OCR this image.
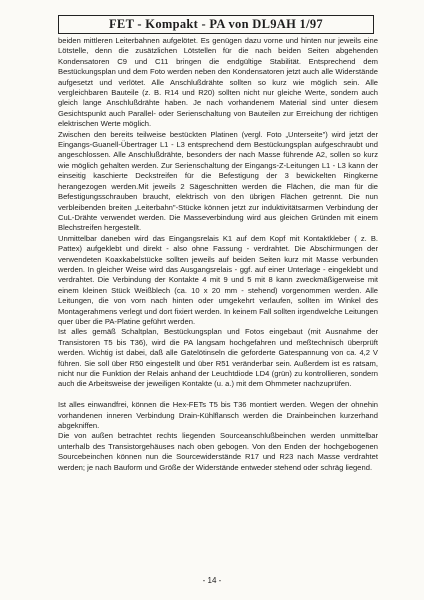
FET - Kompakt - PA von DL9AH 1/97

beiden mittleren Leiterbahnen aufgelötet. Es genügen dazu vorne und hinten nur jeweils eine Lötstelle, denn die zusätzlichen Lötstellen für die nach beiden Seiten abgehenden Kondensatoren C9 und C11 bringen die endgültige Stabilität. Entsprechend dem Bestückungsplan und dem Foto werden neben den Kondensatoren jetzt auch alle Widerstände aufgesetzt und verlötet. Alle Anschlußdrähte sollten so kurz wie möglich sein. Alle vergleichbaren Bauteile (z. B. R14 und R20) sollten nicht nur gleiche Werte, sondern auch gleich lange Anschlußdrähte haben. Je nach vorhandenem Material sind unter diesem Gesichtspunkt auch Parallel- oder Serienschaltung von Bauteilen zur Erreichung der richtigen elektrischen Werte möglich.

Zwischen den bereits teilweise bestückten Platinen (vergl. Foto „Unterseite") wird jetzt der Eingangs-Guanell-Übertrager L1 - L3 entsprechend dem Bestückungsplan aufgeschraubt und angeschlossen. Alle Anschlußdrähte, besonders der nach Masse führende A2, sollen so kurz wie möglich gehalten werden. Zur Serienschaltung der Eingangs-Z-Leitungen L1 - L3 kann der einseitig kaschierte Deckstreifen für die Befestigung der 3 bewickelten Ringkerne herangezogen werden.Mit jeweils 2 Sägeschnitten werden die Flächen, die man für die Befestigungsschrauben braucht, elektrisch von den übrigen Flächen getrennt. Die nun verbleibenden breiten „Leiterbahn"-Stücke können jetzt zur induktivitätsarmen Verbindung der CuL-Drähte verwendet werden. Die Masseverbindung wird aus gleichen Gründen mit einem Blechstreifen hergestellt.

Unmittelbar daneben wird das Eingangsrelais K1 auf dem Kopf mit Kontaktkleber ( z. B. Pattex) aufgeklebt und direkt - also ohne Fassung - verdrahtet. Die Abschirmungen der verwendeten Koaxkabelstücke sollten jeweils auf beiden Seiten kurz mit Masse verbunden werden. In gleicher Weise wird das Ausgangsrelais - ggf. auf einer Unterlage - eingeklebt und verdrahtet. Die Verbindung der Kontakte 4 mit 9 und 5 mit 8 kann zweckmäßigerweise mit einem kleinen Stück Weißblech (ca. 10 x 20 mm - stehend) vorgenommen werden. Alle Leitungen, die von vorn nach hinten oder umgekehrt verlaufen, sollten im Winkel des Montagerahmens verlegt und dort fixiert werden. In keinem Fall sollten irgendwelche Leitungen quer über die PA-Platine geführt werden.

Ist alles gemäß Schaltplan, Bestückungsplan und Fotos eingebaut (mit Ausnahme der Transistoren T5 bis T36), wird die PA langsam hochgefahren und meßtechnisch überprüft werden. Wichtig ist dabei, daß alle Gatelötinseln die geforderte Gatespannung von ca. 4,2 V führen. Sie soll über R50 eingestellt und über R51 veränderbar sein. Außerdem ist es ratsam, nicht nur die Funktion der Relais anhand der Leuchtdiode LD4 (grün) zu kontrollieren, sondern auch die Arbeitsweise der jeweiligen Kontakte (u. a.) mit dem Ohmmeter nachzuprüfen.

Ist alles einwandfrei, können die Hex-FETs T5 bis T36 montiert werden. Wegen der ohnehin vorhandenen inneren Verbindung Drain-Kühlflansch werden die Drainbeinchen kurzerhand abgekniffen.

Die von außen betrachtet rechts liegenden Sourceanschlußbeinchen werden unmittelbar unterhalb des Transistorgehäuses nach oben gebogen. Von den Enden der hochgebogenen Sourcebeinchen können nun die Sourcewiderstände R17 und R23 nach Masse verdrahtet werden; je nach Bauform und Größe der Widerstände entweder stehend oder schräg liegend.

- 14 -
